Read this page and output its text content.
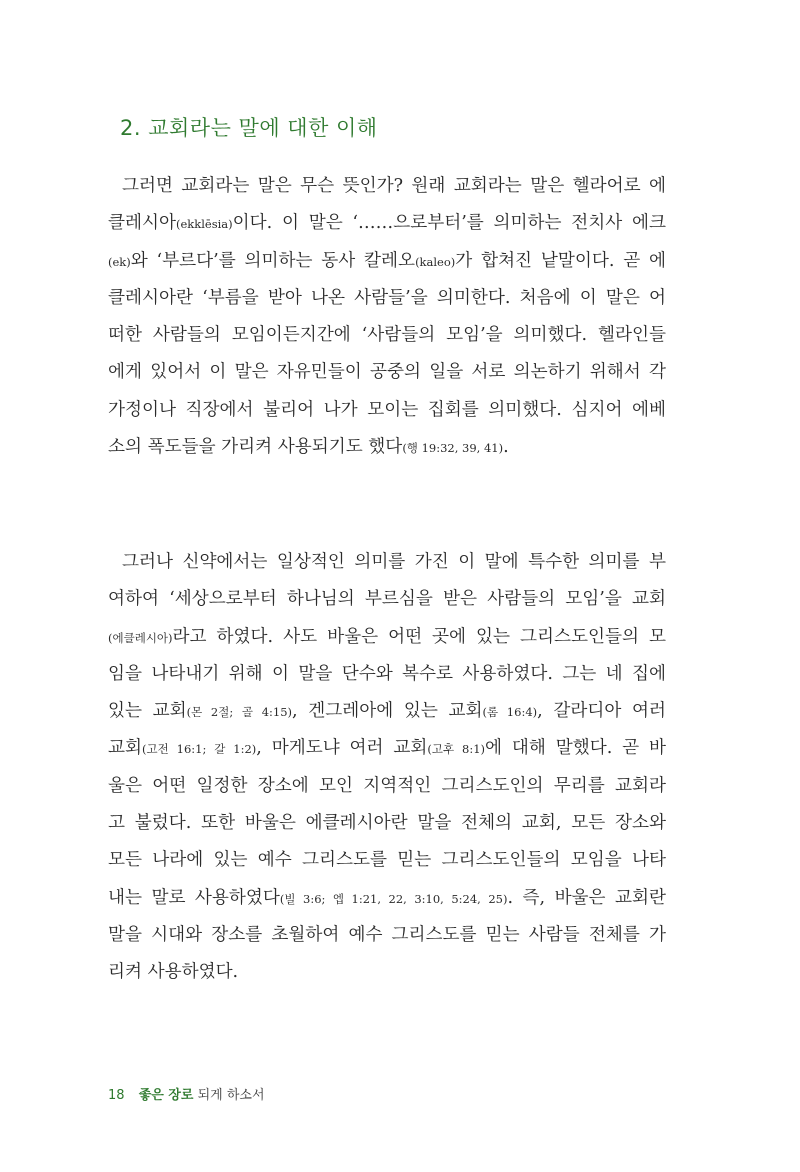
2. 교회라는 말에 대한 이해
그러면 교회라는 말은 무슨 뜻인가? 원래 교회라는 말은 헬라어로 에
클레시아(ekklēsia)이다. 이 말은 ‘……으로부터’를 의미하는 전치사 에크
(ek)와 ‘부르다’를 의미하는 동사 칼레오(kaleo)가 합쳐진 낱말이다. 곧 에
클레시아란 ‘부름을 받아 나온 사람들’을 의미한다. 처음에 이 말은 어
떠한 사람들의 모임이든지간에 ‘사람들의 모임’을 의미했다. 헬라인들
에게 있어서 이 말은 자유민들이 공중의 일을 서로 의논하기 위해서 각
가정이나 직장에서 불리어 나가 모이는 집회를 의미했다. 심지어 에베
소의 폭도들을 가리켜 사용되기도 했다(행 19:32, 39, 41).
그러나 신약에서는 일상적인 의미를 가진 이 말에 특수한 의미를 부
여하여 ‘세상으로부터 하나님의 부르심을 받은 사람들의 모임’을 교회
(에클레시아)라고 하였다. 사도 바울은 어떤 곳에 있는 그리스도인들의 모
임을 나타내기 위해 이 말을 단수와 복수로 사용하였다. 그는 네 집에
있는 교회(몬 2절; 골 4:15), 겐그레아에 있는 교회(롬 16:4), 갈라디아 여러
교회(고전 16:1; 갈 1:2), 마게도냐 여러 교회(고후 8:1)에 대해 말했다. 곧 바
울은 어떤 일정한 장소에 모인 지역적인 그리스도인의 무리를 교회라
고 불렀다. 또한 바울은 에클레시아란 말을 전체의 교회, 모든 장소와
모든 나라에 있는 예수 그리스도를 믿는 그리스도인들의 모임을 나타
내는 말로 사용하였다(빌 3:6; 엡 1:21, 22, 3:10, 5:24, 25). 즉, 바울은 교회란
말을 시대와 장소를 초월하여 예수 그리스도를 믿는 사람들 전체를 가
리켜 사용하였다.
18 좋은 장로 되게 하소서
